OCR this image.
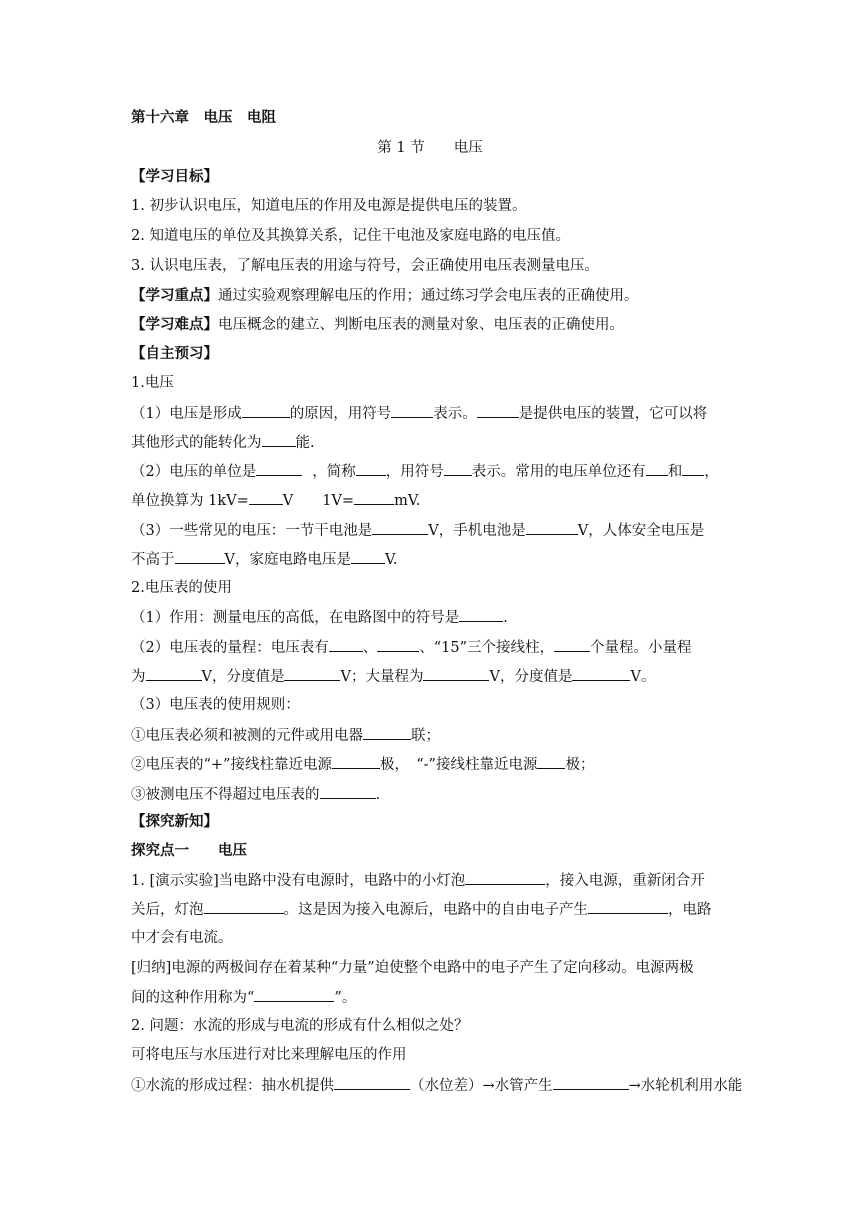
第十六章　电压　电阻
第 1 节　　电压
【学习目标】
1. 初步认识电压，知道电压的作用及电源是提供电压的装置。
2. 知道电压的单位及其换算关系，记住干电池及家庭电路的电压值。
3. 认识电压表，了解电压表的用途与符号，会正确使用电压表测量电压。
【学习重点】通过实验观察理解电压的作用；通过练习学会电压表的正确使用。
【学习难点】电压概念的建立、判断电压表的测量对象、电压表的正确使用。
【自主预习】
1.电压
（1）电压是形成	的原因，用符号	表示。	是提供电压的装置，它可以将
其他形式的能转化为 能.
（2）电压的单位是	，简称 ，用符号 表示。常用的电压单位还有 和 ，
单位换算为 1kV= V  1V=	mV.
（3）一些常见的电压：一节干电池是	V，手机电池是	V，人体安全电压是
不高于	V，家庭电路电压是 V.
2.电压表的使用
（1）作用：测量电压的高低，在电路图中的符号是	.
（2）电压表的量程：电压表有 、	、“15”三个接线柱， 个量程。小量程
为	V，分度值是	V；大量程为	V，分度值是	V。
（3）电压表的使用规则：
①电压表必须和被测的元件或用电器	联；
②电压表的“+”接线柱靠近电源	极，　“-”接线柱靠近电源 极；
③被测电压不得超过电压表的	.
【探究新知】
探究点一　　电压
1. [演示实验]当电路中没有电源时，电路中的小灯泡	，接入电源，重新闭合开
关后，灯泡	。这是因为接入电源后，电路中的自由电子产生	，电路
中才会有电流。
[归纳]电源的两极间存在着某种“力量”迫使整个电路中的电子产生了定向移动。电源两极
间的这种作用称为“	”。
2. 问题：水流的形成与电流的形成有什么相似之处？
可将电压与水压进行对比来理解电压的作用
①水流的形成过程：抽水机提供	（水位差）→水管产生	→水轮机利用水能
